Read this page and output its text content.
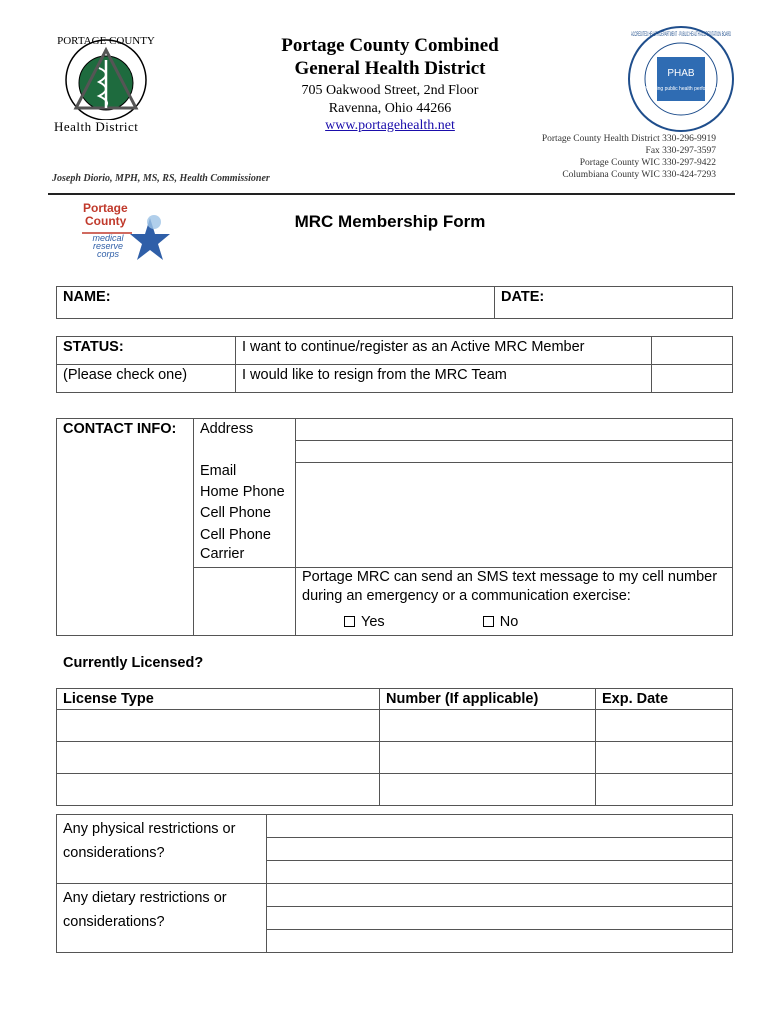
PORTAGE COUNTY
Health District
Portage County Combined
General Health District
705 Oakwood Street, 2nd Floor
Ravenna, Ohio 44266
www.portagehealth.net
PHAB
Advancing public health performance
ACCREDITED HEALTH DEPARTMENT · PUBLIC HEALTH ACCREDITATION BOARD
Portage County Health District 330-296-9919
Fax 330-297-3597
Portage County WIC 330-297-9422
Columbiana County WIC 330-424-7293
Joseph Diorio, MPH, MS, RS, Health Commissioner
Portage
County
medical
reserve
corps
MRC Membership Form
NAME:	DATE:
STATUS:	I want to continue/register as an Active MRC Member	
(Please check one)	I would like to resign from the MRC Team	
CONTACT INFO:	Address	

	Email	
	Home Phone	
	Cell Phone	
	Cell Phone Carrier	
		Portage MRC can send an SMS text message to my cell number during an emergency or a communication exercise:
		Yes No
Currently Licensed?
License Type	Number (If applicable)	Exp. Date

Any physical restrictions or considerations?	

Any dietary restrictions or considerations?	
